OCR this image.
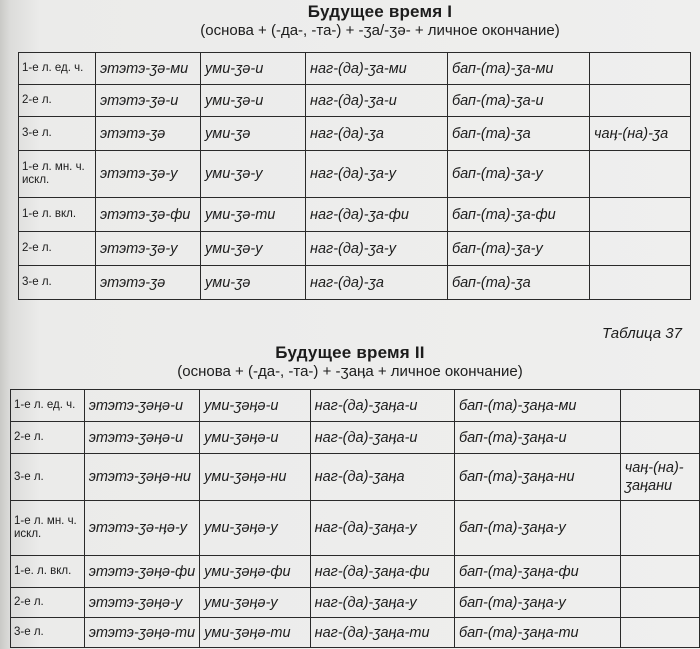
Будущее время I
(основа + (-да-, -та-) + -ʒа/-ʒə- + личное окончание)
1-е л. ед. ч.	этэтэ-ʒə-ми	уми-ʒə-и	наг-(да)-ʒа-ми	бап-(та)-ʒа-ми	
2-е л.	этэтэ-ʒə-и	уми-ʒə-и	наг-(да)-ʒа-и	бап-(та)-ʒа-и	
3-е л.	этэтэ-ʒə	уми-ʒə	наг-(да)-ʒа	бап-(та)-ʒа	чаӊ-(на)-ʒа
1-е л. мн. ч. искл.	этэтэ-ʒə-у	уми-ʒə-у	наг-(да)-ʒа-у	бап-(та)-ʒа-у	
1-е л. вкл.	этэтэ-ʒə-фи	уми-ʒə-ти	наг-(да)-ʒа-фи	бап-(та)-ʒа-фи	
2-е л.	этэтэ-ʒə-у	уми-ʒə-у	наг-(да)-ʒа-у	бап-(та)-ʒа-у	
3-е л.	этэтэ-ʒə	уми-ʒə	наг-(да)-ʒа	бап-(та)-ʒа	
Таблица 37
Будущее время II
(основа + (-да-, -та-) + -ʒаӊа + личное окончание)
1-е л. ед. ч.	этэтэ-ʒəӊə-и	уми-ʒəӊə-и	наг-(да)-ʒаӊа-и	бап-(та)-ʒаӊа-ми	
2-е л.	этэтэ-ʒəӊə-и	уми-ʒəӊə-и	наг-(да)-ʒаӊа-и	бап-(та)-ʒаӊа-и	
3-е л.	этэтэ-ʒəӊə-ни	уми-ʒəӊə-ни	наг-(да)-ʒаӊа	бап-(та)-ʒаӊа-ни	чаӊ-(на)-ʒаӊани
1-е л. мн. ч. искл.	этэтэ-ʒə-ӊə-у	уми-ʒəӊə-у	наг-(да)-ʒаӊа-у	бап-(та)-ʒаӊа-у	
1-е. л. вкл.	этэтэ-ʒəӊə-фи	уми-ʒəӊə-фи	наг-(да)-ʒаӊа-фи	бап-(та)-ʒаӊа-фи	
2-е л.	этэтэ-ʒəӊə-у	уми-ʒəӊə-у	наг-(да)-ʒаӊа-у	бап-(та)-ʒаӊа-у	
3-е л.	этэтэ-ʒəӊə-ти	уми-ʒəӊə-ти	наг-(да)-ʒаӊа-ти	бап-(та)-ʒаӊа-ти	
